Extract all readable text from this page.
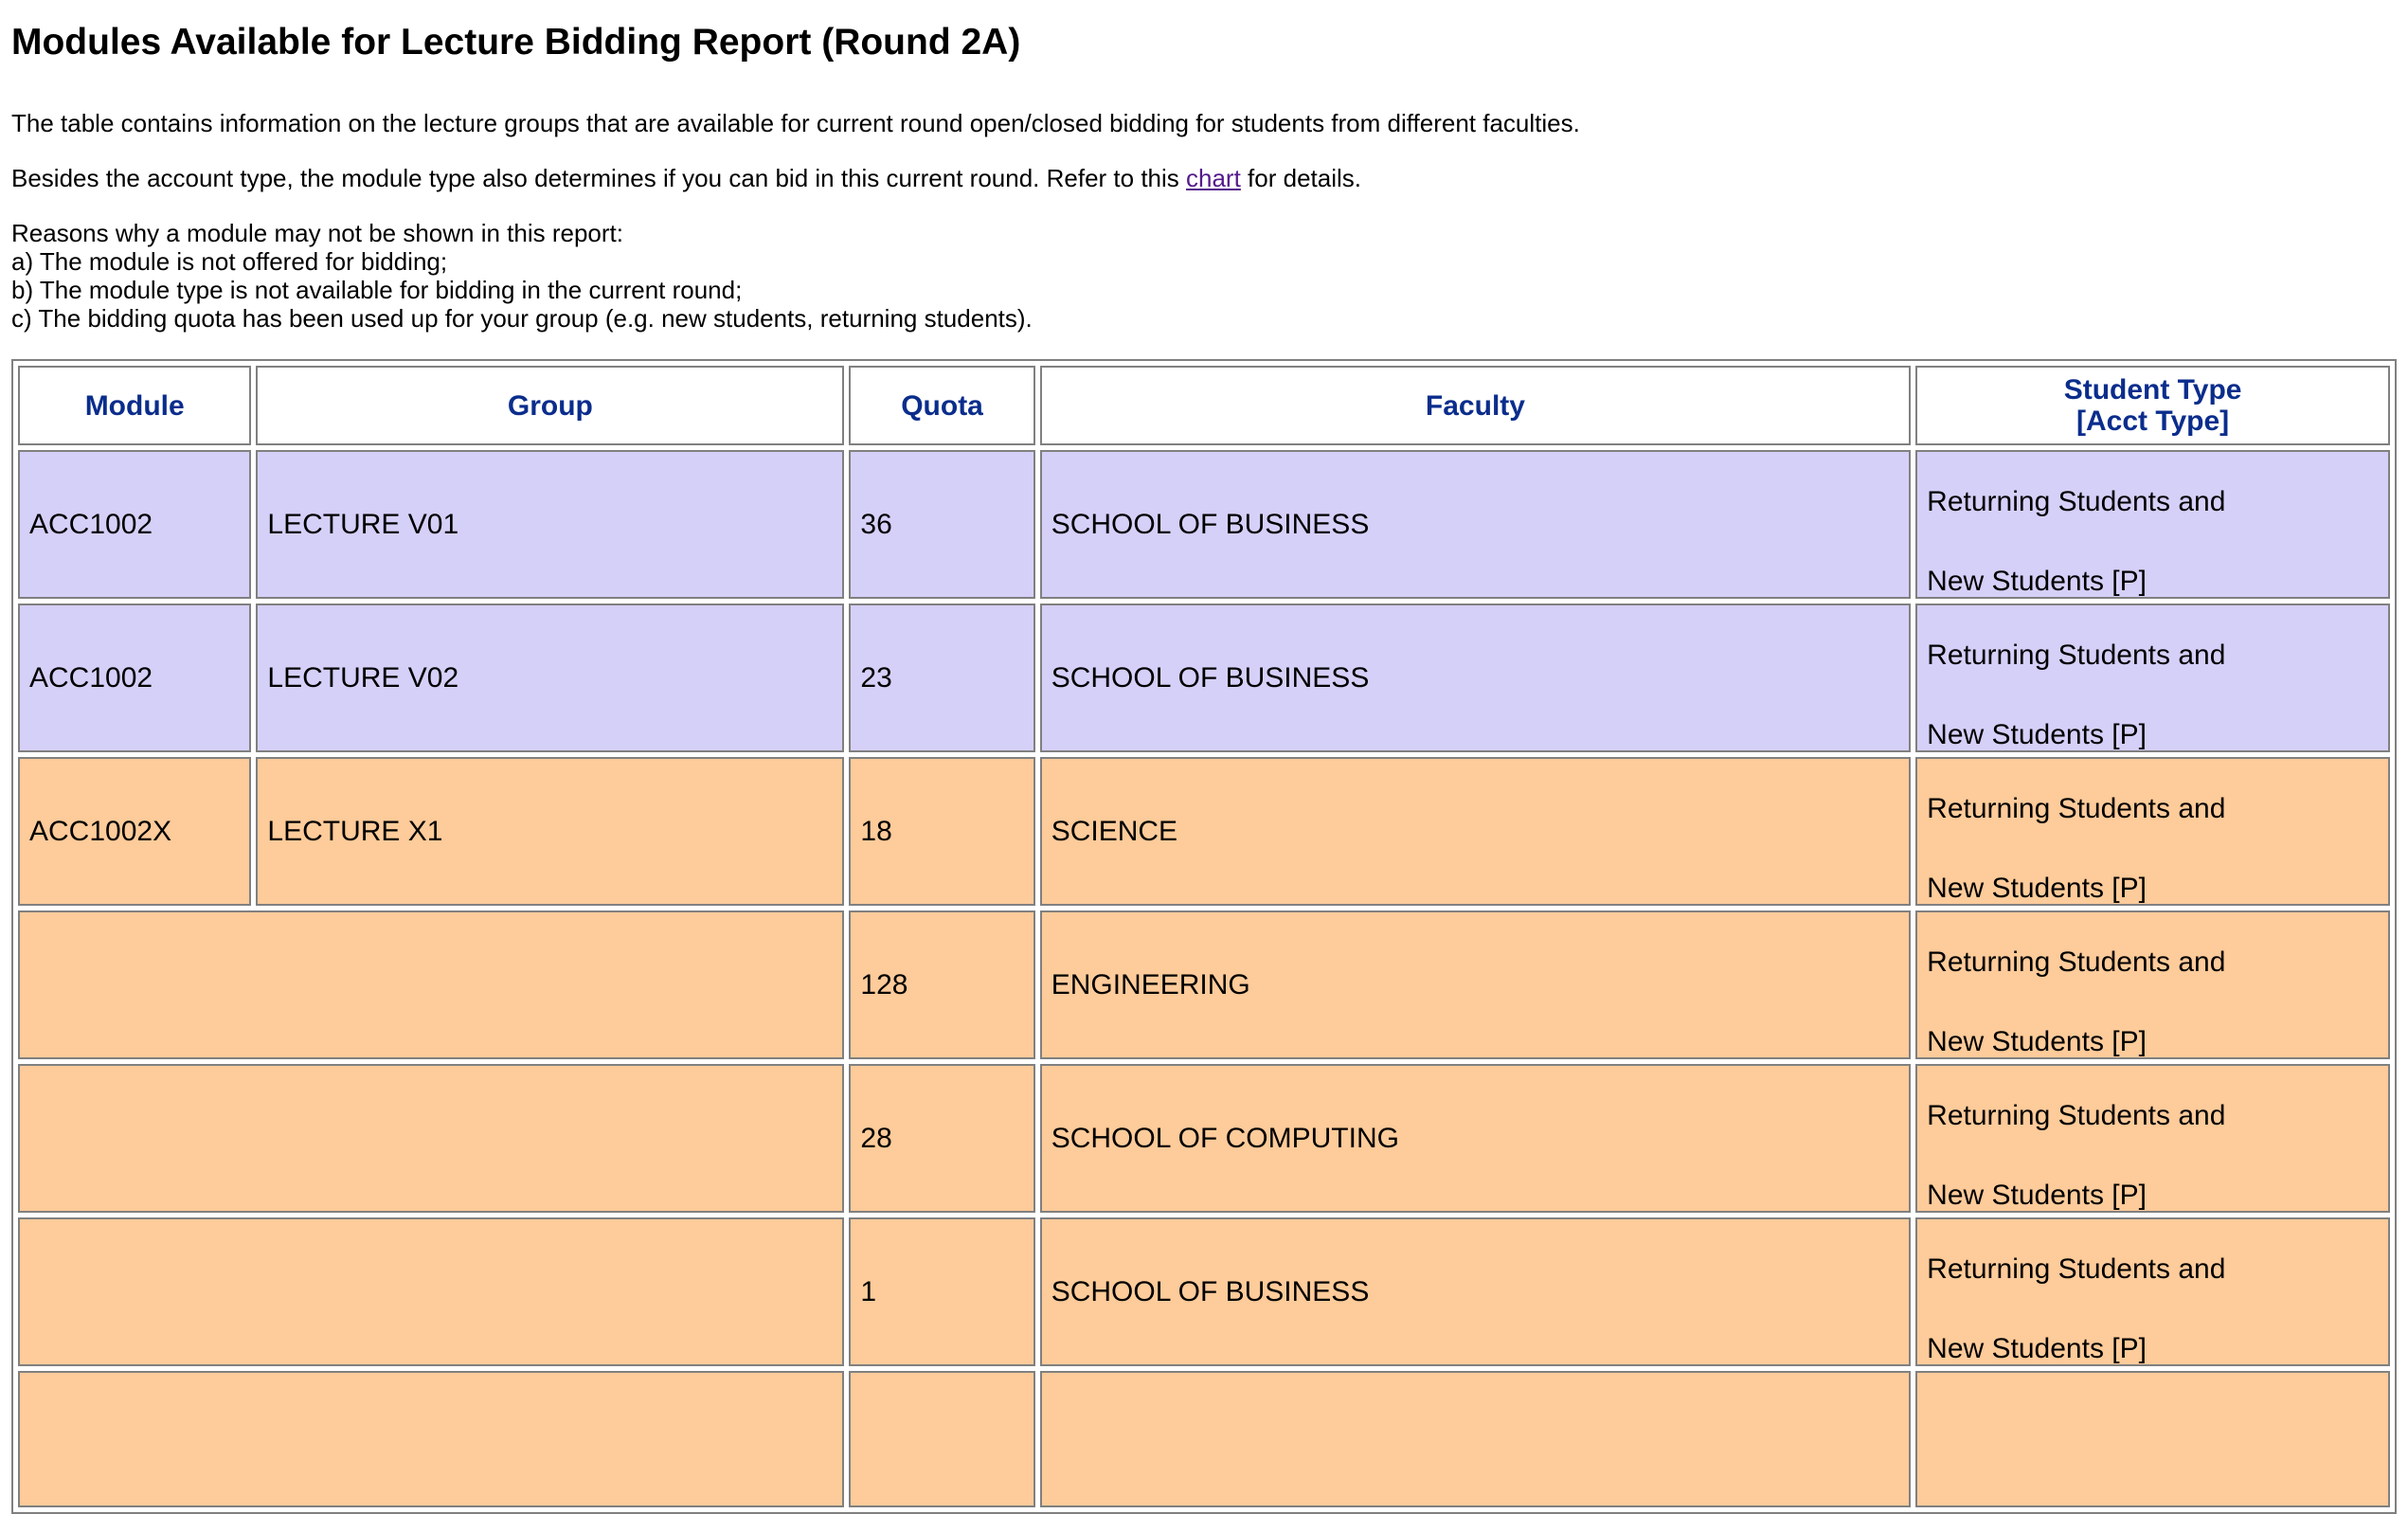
Modules Available for Lecture Bidding Report (Round 2A)

The table contains information on the lecture groups that are available for current round open/closed bidding for students from different faculties.

Besides the account type, the module type also determines if you can bid in this current round. Refer to this chart for details.

Reasons why a module may not be shown in this report:
a) The module is not offered for bidding;
b) The module type is not available for bidding in the current round;
c) The bidding quota has been used up for your group (e.g. new students, returning students).
Module	Group	Quota	Faculty	Student Type
[Acct Type]
ACC1002	LECTURE V01	36	SCHOOL OF BUSINESS	Returning Students and

New Students [P]

ACC1002	LECTURE V02	23	SCHOOL OF BUSINESS	Returning Students and

New Students [P]

ACC1002X	LECTURE X1	18	SCIENCE	Returning Students and

New Students [P]

		128	ENGINEERING	Returning Students and

New Students [P]

		28	SCHOOL OF COMPUTING	Returning Students and

New Students [P]

		1	SCHOOL OF BUSINESS	Returning Students and

New Students [P]
